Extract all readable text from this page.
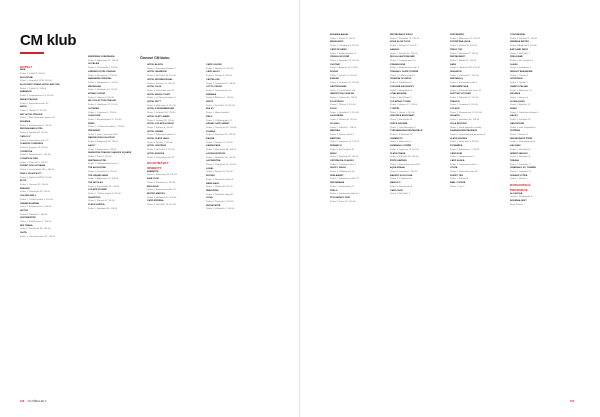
CM klub
Členové CM klubu
HOTELY
ARIA
Praha 1, Tržiště 9, 118 00
AUGUSTINE
Praha 1, Letenská 12/33, 118 00
ALCHYMIST GRAND HOTEL AND SPA
Praha 1, Tržiště 19, 118 00
AMBIANCE
Praha 1, Jungmannova 14, 110 00
ANDAZ PRAGUE
Praha 1, Senovážné nám. 32
ANTIK
Praha 1, Dlouhá 22, 110 00
ART HOTEL PRAGUE
Praha 7, Nad Královskou oborou 53
BOHEMIA
Praha 1, Králodvorská 4, 110 00
BUDDHA-BAR HOTEL
Praha 1, Jakubská 8, 110 00
CARLO IV
Praha 1, Senovážné nám. 13
CLARION CONGRESS
Praha 9, Freyova 33, 190 00
CORINTHIA
Praha 4, Kongresová 1, 140 69
COSMOPOLITAN
Praha 1, Zlatnická 3, 110 00
DORINT DON GIOVANNI
Praha 3, Vinohradská 157a, 130 00
DUM U VELKE BOTY
Praha 1, Vlašská 30/333, 118 00
ELITE
Praha 1, Ostrovní 32, 110 00
EMBLEM
Praha 1, Platnéřská 19, 110 00
GOLDEN WELL
Praha 1, U Zlaté studně 4, 118 00
GRAND BOHEMIA
Praha 1, Králodvorská 4, 110 00
HILTON
Praha 8, Pobřežní 1, 186 00
HOFFMEISTER
Praha 1, Pod Bruskou 7, 118 00
IBIS PRAHA
Praha 2, Kateřinská 36, 120 00
JALTA
Praha 1, Václavské nám. 45, 110 00
KEMPINSKI HYBERNSKÁ
Praha 1, Hybernská 12, 110 00
LE PALAIS
Praha 2, U Zvonařky 1, 120 00
LINDNER HOTEL PRAGUE
Praha 5, Rozvojová 2, 150 00
MANDARIN ORIENTAL
Praha 1, Nebovidská 1, 118 00
MAXIMILIAN
Praha 1, Haštalská 14, 110 00
MOSAIC HOUSE
Praha 2, Odborů 4, 120 00
NH COLLECTION PRAGUE
Praha 1, Vodičkova 37, 110 00
OCTAVIAN
Praha 1, Trojanova 3, 120 00
OLDHOUSE
Praha 1, Bartolomějská 11, 110 00
PARIS
Praha 1, U Obecního domu 1, 110 00
PRESIDENT
Praha 1, nám. Curieových 100
RADISSON BLU ALCRON
Praha 1, Štěpánská 40, 110 00
SAVOY
Praha 1, Keplerova 6, 118 00
SHERATON PRAGUE CHARLES SQUARE
Praha 2, Žitná 8, 120 00
SMETANA HOTEL
Praha 1, Velkopřevorské nám. 1
THE AUGUSTINE
Praha 1, Letenská 12, 118 00
THE GRAND MARK
Praha 1, Hybernská 12, 110 00
THE NICOLAS
Praha 1, Karmelitská 26, 118 00
U ZLATÉ STUDNĚ
Praha 1, U Zlaté studně 4, 118 00
VALENTINO
Praha 1, Dlouhá 42, 110 00
ZLATÁ HVĚZDA
Praha 1, Nerudova 48, 118 00
HOTEL ALWYN
Praha 7, Dukelských hrdinů 2
HOTEL GRANDIOR
Praha 1, Na Poříčí 42, 110 00
HOTEL INTERNATIONAL
Praha 6, Koulova 15, 160 45
HOTEL JULIS
Praha 1, Václavské nám. 22
HOTEL KINGS COURT
Praha 1, U Obecního domu 3
HOTEL ROTT
Praha 1, Malé nám. 4, 110 00
HOTEL STEIGENBERGER
Praha 7, Veletržní 26, 170 00
HOTEL ZLATÝ ANDĚL
Praha 1, Celetná 29, 110 00
HOTEL U ZLATÉ KORUNY
Praha 1, Karlova 6, 110 00
HOTEL YASMIN
Praha 1, Politických vězňů 12
HOTEL ZLATÁ VÁHA
Praha 1, Týnská 7, 110 00
HOTEL CENTRUM
Praha 1, Na Poříčí 3, 110 00
HOTEL EUROPA
Praha 1, Václavské nám. 25
OCHUTNÁVKY
OBJEKTY
AMBIENTE
Praha 2, Mánesova 59, 120 00
ASIA FOOD
Praha 3, Koněvova 6, 130 00
BELLEVUE
Praha 1, Smetanovo nábř. 18
BISTRO MARCEL
Praha 1, Haštalská 12, 110 00
CAFÉ IMPERIAL
Praha 1, Na Poříčí 15, 110 00
CAFÉ LOUVRE
Praha 1, Národní 22, 110 00
CAFÉ SAVOY
Praha 5, Vítězná 5, 150 00
CASTELLUM
Praha 1, Loretánská 9, 118 00
COTTO CRUDO
Praha 1, Veleslavínova 2a
DEMINKA
Praha 2, Škrétova 1, 120 00
DINITZ
Praha 1, Na Poříčí 12, 110 00
EISLEY
Praha 1, Hlavní nádraží
FIELD
Praha 1, U Milosrdných 12
GRAND CAFÉ ORIENT
Praha 1, Ovocný trh 19, 110 00
ICHNIKA
Praha 2, Slavíkova 22, 120 00
KALINA
Praha 1, Dlouhá 12, 110 00
KAMPA PARK
Praha 1, Na Kampě 8b, 118 00
LA DEGUSTATION
Praha 1, Haštalská 18, 110 00
LA FINESTRA
Praha 1, Platnéřská 13, 110 00
LOKÁL
Praha 1, Dlouhá 33, 110 00
MLÝNEC
Praha 1, Novotného lávka 9
NAŠE MASO
Praha 1, Dlouhá 39, 110 00
NEBOZÍZEK
Praha 1, Petřínské sady 411
OLIVA
Praha 2, Plavecká 4, 128 00
PASTACAFFÉ
Praha 1, Vězeňská 1, 110 00
106 CM PŘEHLED 2
BOHEMIA BAGEL
Praha 1, Masná 2, 110 00
BRASILEIRO
Praha 1, U Radnice 8, 110 00
CAFÉ DE PARIS
Praha 1, Maltézské nám. 4
ČESKÁ KUCHYNĚ
Praha 1, Havelská 23, 110 00
CHUTNEY
Praha 2, Anglická 15, 120 00
DIVINIS
Praha 1, Týnská 21, 110 00
ESSENS
Praha 1, Letenská 12, 118 00
GASTRONOMIE
Praha 3, Vinohradská 110
HERGETOVA CIHELNA
Praha 1, Cihelná 2b, 118 00
ILLUSTRATO
Praha 1, Těšnov 3, 110 00
KOGO
Praha 1, Havelská 27, 110 00
LA BOHÈME
Praha 1, Dlouhá 18, 110 00
LE GRILL
Praha 1, Vlašská 7, 118 00
MAITREA
Praha 1, Týnská ulička 6
MARTINIS
Praha 2, Legerova 41, 120 00
MONARCH
Praha 1, Na Perštýně 15
NOBU
Praha 1, Pařížská 19, 110 00
OSTERIA DA CLAUDIO
Praha 2, Ostrčilovo nám. 5
PALFFY PALÁC
Praha 1, Valdštejnská 14
PARLAMENT
Praha 1, Smetanovo nábř. 19
PASTAMANIA
Praha 2, Vinohradská 21
PEKLO
Praha 1, Strahovské nádvoří 1
PIVOVARSKÝ DŮM
Praha 2, Ječná 15, 120 00
RESTAURACE ŠVEJK
Praha 2, Na Bojišti 12, 120 00
ROSE SLOW FOOD
Praha 1, Dlouhá 31, 110 00
SANSHO
Praha 1, Petrská 25, 110 00
ŠKOLA GASTRONOMIE
Praha 1, Jungmannova 15
STEAKHOUSE
Praha 1, Malostranské nám. 5
TERASA U ZLATÉ STUDNĚ
Praha 1, U Zlaté studně 4
TAVERNA OLYMPOS
Praha 3, Kubelíkova 9
U MODRÉ KACHNIČKY
Praha 1, Nebovidská 6
U ŠALAMOUNA
Praha 1, Na Příkopě 3
U ZLATÉHO TYGRA
Praha 1, Husova 17, 110 00
V ZÁTIŠÍ
Praha 1, Liliová 1, 110 00
VINOTÉKA BONVIVANT
Praha 2, Rumunská 24
VINICE GROSBE
Praha 2, Jana Masaryka 3
VYŠEHRADSKÁ RESTAURACE
Praha 2, K Rotundě 10
YAMAMOTO
Praha 1, Mánesova 3
ZAHRADA V OPEŘE
Praha 1, Legerova 75, 110 00
ZLATÁ PRAHA
Praha 1, Pařížská 30, 110 00
ŽOFÍN GARDEN
Praha 1, Slovanský ostrov 226
AQUA PRAHA
Praha 4, Lhotecká 1, 143 00
BAKERY KOLKOVNA
Praha 1, V Kolkovně 8
BASILICO
Praha 5, Strakonická 8
CAFÉ ONCE
Praha 1, Na Poříčí 3
PEPPERMINT
Praha 2, Mánesova 17, 120 00
POTREFENÁ HUSA
Praha 1, Dlouhá 10, 110 00
PRAVÝ TÁC
Praha 1, Haštalská 2, 110 00
RESTAURANT
Praha 1, Masná 11, 110 00
SAPA
Praha 4, Libušská 319, 142 00
SINGAPUR
Praha 1, Václavská 2, 120 00
SMETANA Q
Praha 1, Smetanovo nábř. 4
STAROMĚSTSKÁ
Praha 1, Staroměstské nám. 19
SUPPORT KITCHEN
Praha 7, Dělnická 12, 170 00
TRADICE
Praha 1, Templová 5, 110 00
U FLEKŮ
Praha 1, Křemencova 11, 110 00
VEGAN'S
Praha 1, Nerudova 36, 118 00
VILLA RICHTER
Praha 1, Staré zámecké schody
ZAHRADNÍ RESTAURACE
Praha 6, Jugoslávských partyzánů 3
ZLATÁ HRUŠKA
Praha 1, Nový Svět 3, 118 00
ZVONAŘKA
Praha 2, Šafaříkova 1, 120 00
CAFÉ NOIR
Praha 1, Jungmannova 2
CAFÉ SLAVIA
Praha 1, Smetanovo nábř. 2
COSTA
Praha 1, Václavské nám. 48
DOBRÝ TEN
Praha 1, Karlova 8
EBEL COFFEE
Praha 1, Týn 2
CONTINENTAL
Praha 1, Pařížská 1, 110 00
DEMINKA BISTRO
Praha 2, Anglická 8, 120 00
EAST AND WEST
Praha 1, Na Poříčí 2
FRESH BAR
Praha 1, Na Perštýně 9
GLASS
Praha 3, Seifertova 4
HERGET BRASSERIE
Praha 1, Cihelná 2
HOSPŮDKA
Praha 1, Týnská 3
JAMIE'S ITALIAN
Praha 1, Malé nám. 11
KRONIKA
Praha 1, Husova 4
LE MALDIVES
Praha 1, Rytířská 12
MOMO
Praha 7, Dukelských hrdinů 8
NAOKY
Praha 1, Pařížská 22
OBECNÍ DŮM
Praha 1, nám. Republiky 5
PIZZERIA
Praha 1, Karlova 2
RESTAURACE ŽOFÍN
Praha 1, Slovanský ostrov
SALONEK
Praha 1, Vězeňská 8
SEÑOR SANCHO
Praha 1, Nerudova 8
TERASA
Praha 1, Pohořelec 5
VINÁRNA U SV. TOMÁŠE
Praha 1, Letenská 12
ZDRAVÁ VÝŽIVA
Praha 1, Dlouhá 1
DODAVATELÉ
PRODUKCE
ALCAPONE
Praha 5, Strakonická 4
BOHEMIA SEKT
Starý Plzenec
107
